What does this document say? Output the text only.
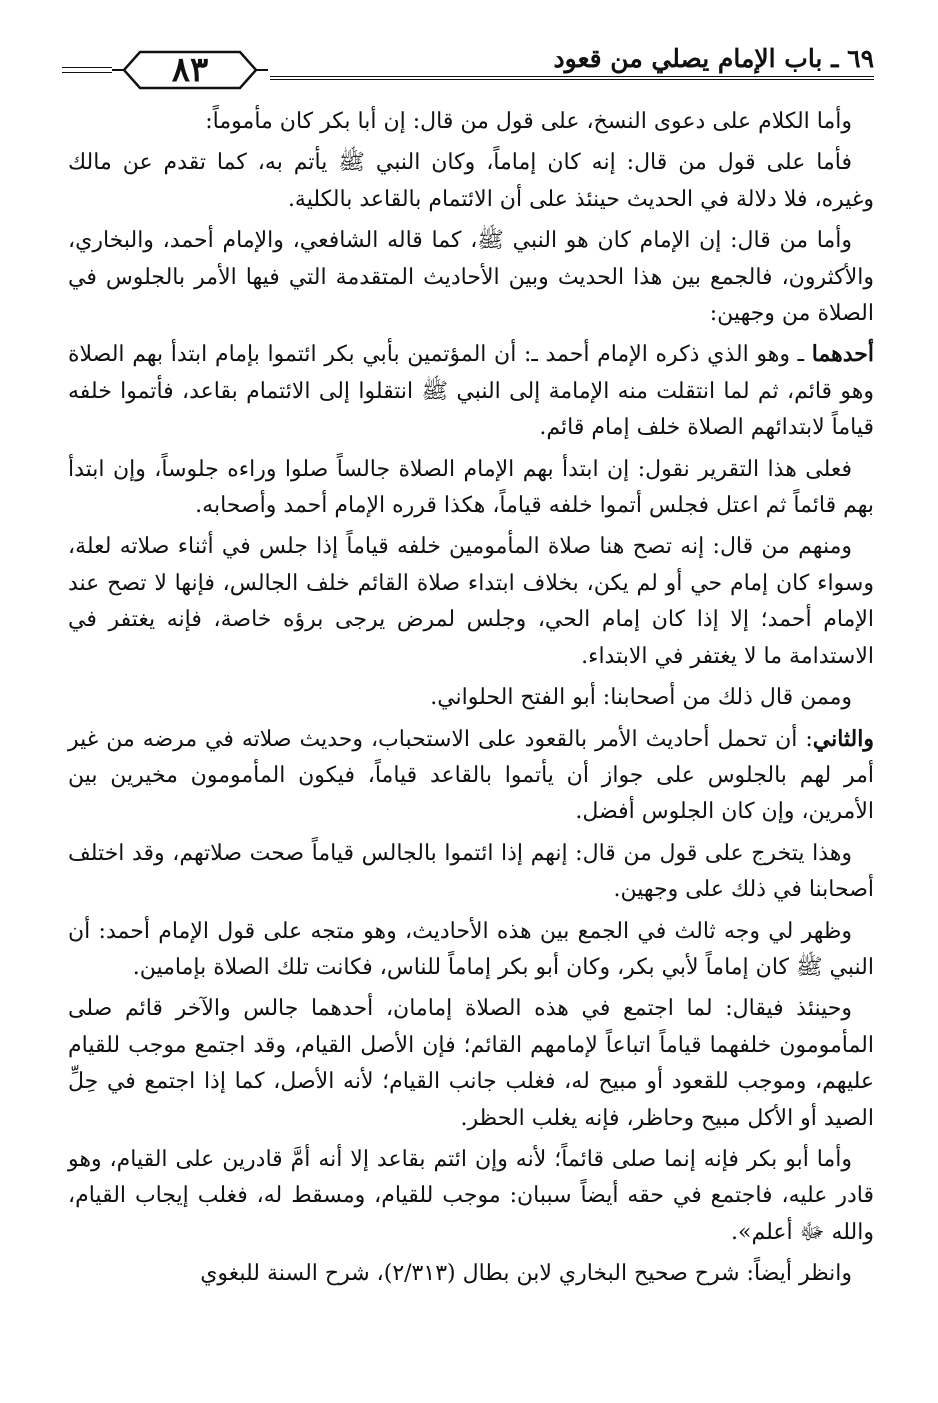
٦٩ ـ باب الإمام يصلي من قعود
٨٣

وأما الكلام على دعوى النسخ، على قول من قال: إن أبا بكر كان مأموماً:

فأما على قول من قال: إنه كان إماماً، وكان النبي ﷺ يأتم به، كما تقدم عن مالك وغيره، فلا دلالة في الحديث حينئذ على أن الائتمام بالقاعد بالكلية.

وأما من قال: إن الإمام كان هو النبي ﷺ، كما قاله الشافعي، والإمام أحمد، والبخاري، والأكثرون، فالجمع بين هذا الحديث وبين الأحاديث المتقدمة التي فيها الأمر بالجلوس في الصلاة من وجهين:

أحدهما ـ وهو الذي ذكره الإمام أحمد ـ: أن المؤتمين بأبي بكر ائتموا بإمام ابتدأ بهم الصلاة وهو قائم، ثم لما انتقلت منه الإمامة إلى النبي ﷺ انتقلوا إلى الائتمام بقاعد، فأتموا خلفه قياماً لابتدائهم الصلاة خلف إمام قائم.

فعلى هذا التقرير نقول: إن ابتدأ بهم الإمام الصلاة جالساً صلوا وراءه جلوساً، وإن ابتدأ بهم قائماً ثم اعتل فجلس أتموا خلفه قياماً، هكذا قرره الإمام أحمد وأصحابه.

ومنهم من قال: إنه تصح هنا صلاة المأمومين خلفه قياماً إذا جلس في أثناء صلاته لعلة، وسواء كان إمام حي أو لم يكن، بخلاف ابتداء صلاة القائم خلف الجالس، فإنها لا تصح عند الإمام أحمد؛ إلا إذا كان إمام الحي، وجلس لمرض يرجى برؤه خاصة، فإنه يغتفر في الاستدامة ما لا يغتفر في الابتداء.

وممن قال ذلك من أصحابنا: أبو الفتح الحلواني.

والثاني: أن تحمل أحاديث الأمر بالقعود على الاستحباب، وحديث صلاته في مرضه من غير أمر لهم بالجلوس على جواز أن يأتموا بالقاعد قياماً، فيكون المأمومون مخيرين بين الأمرين، وإن كان الجلوس أفضل.

وهذا يتخرج على قول من قال: إنهم إذا ائتموا بالجالس قياماً صحت صلاتهم، وقد اختلف أصحابنا في ذلك على وجهين.

وظهر لي وجه ثالث في الجمع بين هذه الأحاديث، وهو متجه على قول الإمام أحمد: أن النبي ﷺ كان إماماً لأبي بكر، وكان أبو بكر إماماً للناس، فكانت تلك الصلاة بإمامين.

وحينئذ فيقال: لما اجتمع في هذه الصلاة إمامان، أحدهما جالس والآخر قائم صلى المأمومون خلفهما قياماً اتباعاً لإمامهم القائم؛ فإن الأصل القيام، وقد اجتمع موجب للقيام عليهم، وموجب للقعود أو مبيح له، فغلب جانب القيام؛ لأنه الأصل، كما إذا اجتمع في حِلِّ الصيد أو الأكل مبيح وحاظر، فإنه يغلب الحظر.

وأما أبو بكر فإنه إنما صلى قائماً؛ لأنه وإن ائتم بقاعد إلا أنه أمَّ قادرين على القيام، وهو قادر عليه، فاجتمع في حقه أيضاً سببان: موجب للقيام، ومسقط له، فغلب إيجاب القيام، والله ﷻ أعلم».

وانظر أيضاً: شرح صحيح البخاري لابن بطال (٢/٣١٣)، شرح السنة للبغوي
